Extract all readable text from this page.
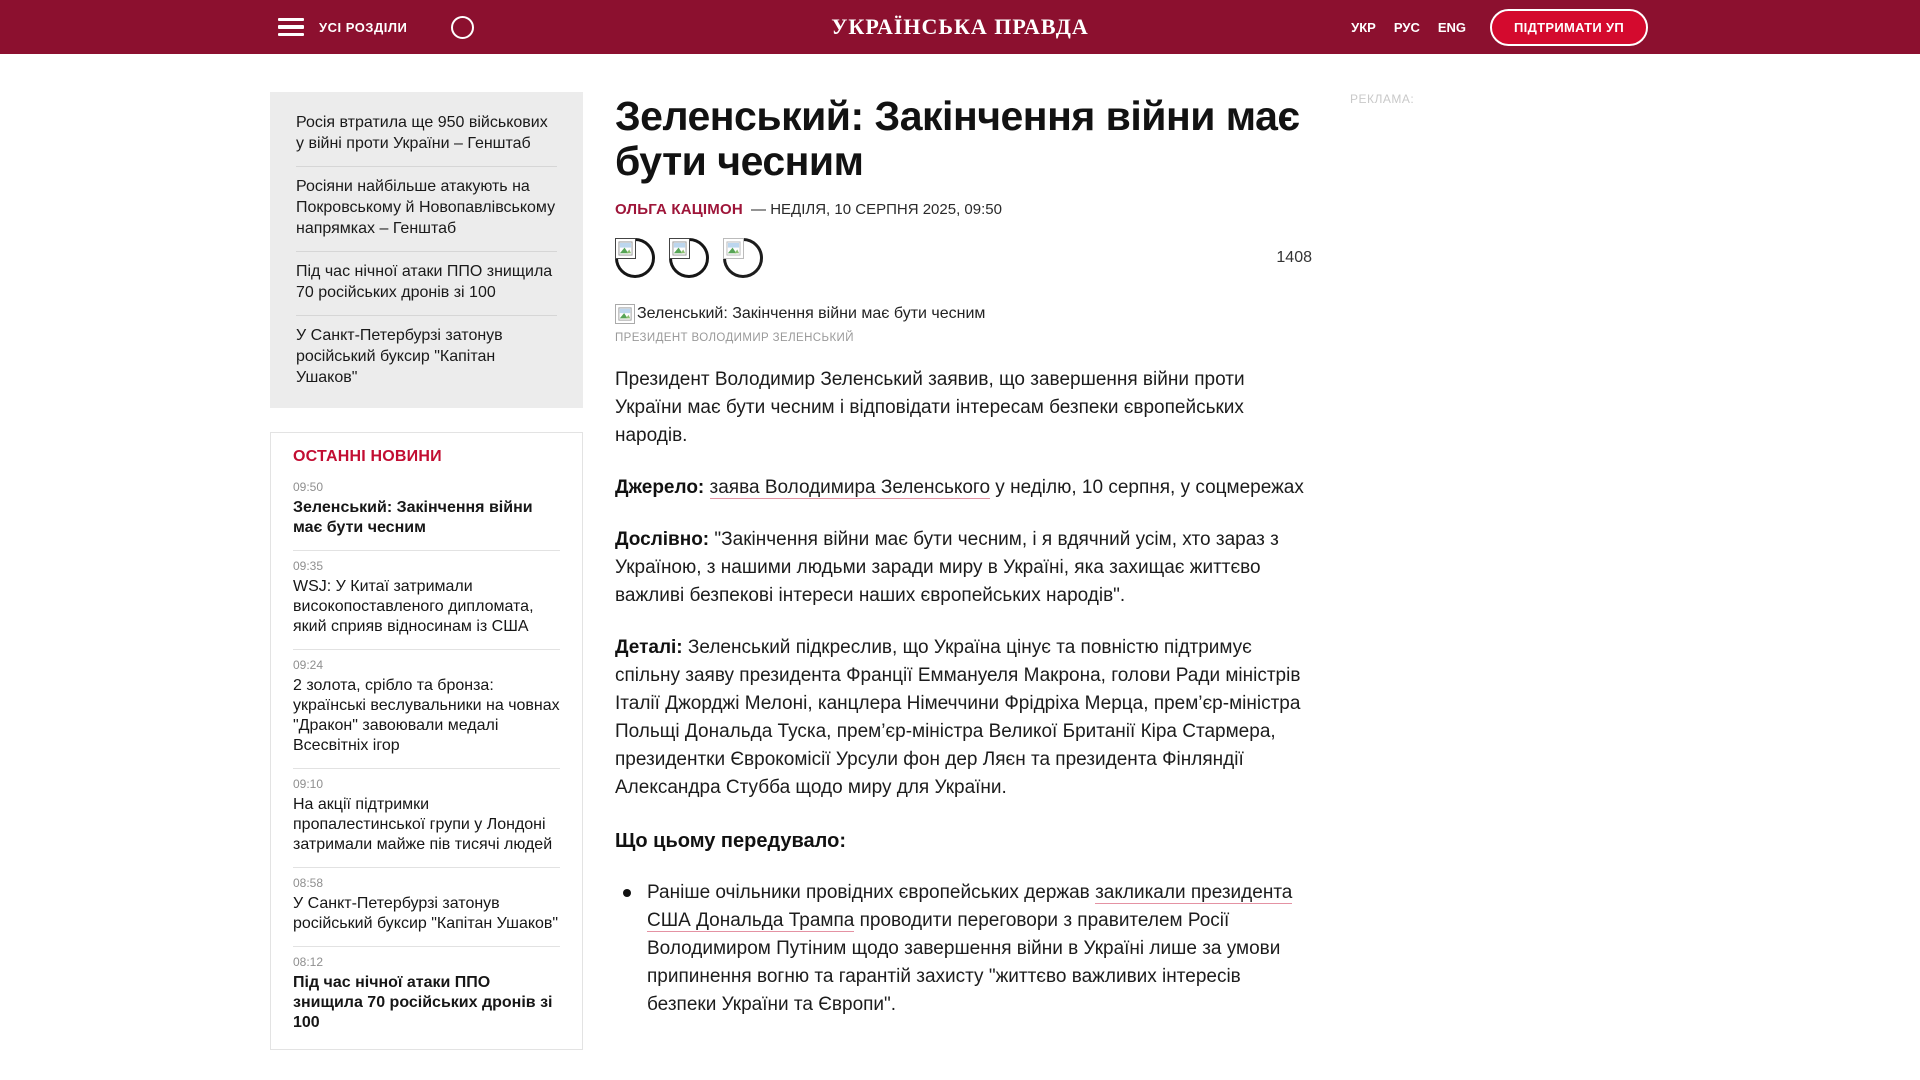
УСІ РОЗДІЛИ	УКРАЇНСЬКА ПРАВДА	УКР РУС ENG	ПІДТРИМАТИ УП
Росія втратила ще 950 військових у війні проти України – Генштаб
Росіяни найбільше атакують на Покровському й Новопавлівському напрямках – Генштаб
Під час нічної атаки ППО знищила 70 російських дронів зі 100
У Санкт-Петербурзі затонув російський буксир "Капітан Ушаков"
ОСТАННІ НОВИНИ
09:50
Зеленський: Закінчення війни має бути чесним
09:35
WSJ: У Китаї затримали високопоставленого дипломата, який сприяв відносинам із США
09:24
2 золота, срібло та бронза: українські веслувальники на човнах "Дракон" завоювали медалі Всесвітніх ігор
09:10
На акції підтримки пропалестинської групи у Лондоні затримали майже пів тисячі людей
08:58
У Санкт-Петербурзі затонув російський буксир "Капітан Ушаков"
08:12
Під час нічної атаки ППО знищила 70 російських дронів зі 100
Зеленський: Закінчення війни має бути чесним
ОЛЬГА КАЦІМОН — НЕДІЛЯ, 10 СЕРПНЯ 2025, 09:50
1408
Зеленський: Закінчення війни має бути чесним
ПРЕЗИДЕНТ ВОЛОДИМИР ЗЕЛЕНСЬКИЙ

Президент Володимир Зеленський заявив, що завершення війни проти України має бути чесним і відповідати інтересам безпеки європейських народів.

Джерело: заява Володимира Зеленського у неділю, 10 серпня, у соцмережах

Дослівно: "Закінчення війни має бути чесним, і я вдячний усім, хто зараз з Україною, з нашими людьми заради миру в Україні, яка захищає життєво важливі безпекові інтереси наших європейських народів".

Деталі: Зеленський підкреслив, що Україна цінує та повністю підтримує спільну заяву президента Франції Еммануеля Макрона, голови Ради міністрів Італії Джорджі Мелоні, канцлера Німеччини Фрідріха Мерца, прем’єр-міністра Польщі Дональда Туска, прем’єр-міністра Великої Британії Кіра Стармера, президентки Єврокомісії Урсули фон дер Ляєн та президента Фінляндії Александра Стубба щодо миру для України.

Що цьому передувало:
Раніше очільники провідних європейських держав закликали президента США Дональда Трампа проводити переговори з правителем Росії Володимиром Путіним щодо завершення війни в Україні лише за умови припинення вогню та гарантій захисту "життєво важливих інтересів безпеки України та Європи".
РЕКЛАМА:
